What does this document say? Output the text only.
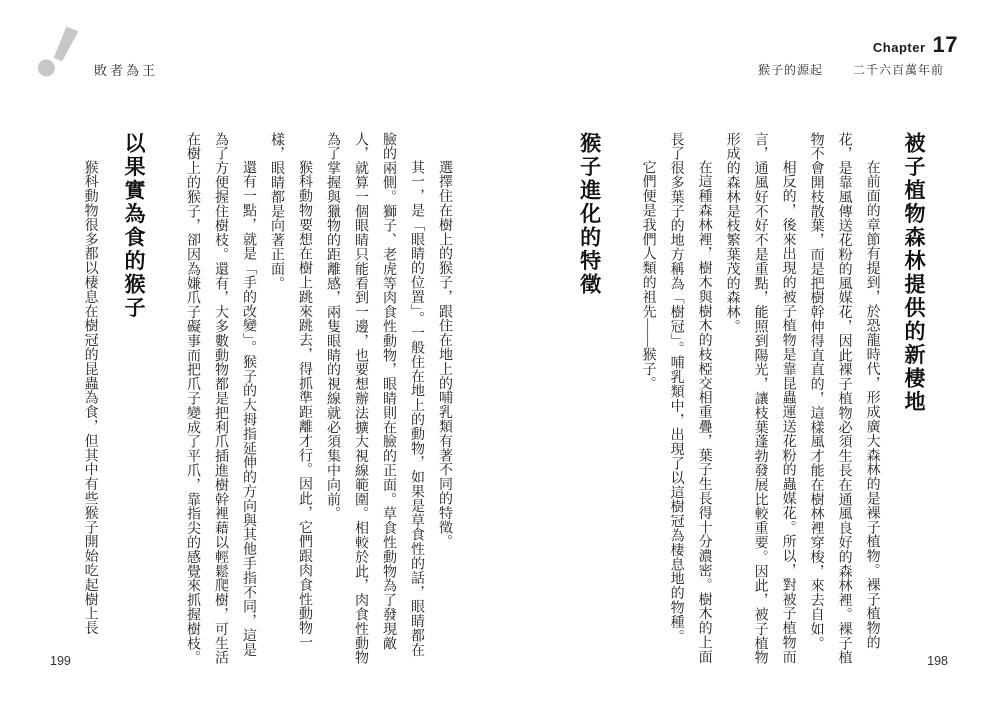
敗者為王
Chapter 17
猴子的源起	二千六百萬年前
被子植物森林提供的新棲地

在前面的章節有提到，於恐龍時代，形成廣大森林的是裸子植物。裸子植物的花，是靠風傳送花粉的風媒花，因此裸子植物必須生長在通風良好的森林裡。裸子植物不會開枝散葉，而是把樹幹伸得直直的，這樣風才能在樹林裡穿梭，來去自如。

相反的，後來出現的被子植物是靠昆蟲運送花粉的蟲媒花。所以，對被子植物而言，通風好不好不是重點，能照到陽光，讓枝葉蓬勃發展比較重要。因此，被子植物形成的森林是枝繁葉茂的森林。

在這種森林裡，樹木與樹木的枝椏交相重疊，葉子生長得十分濃密。樹木的上面長了很多葉子的地方稱為「樹冠」。哺乳類中，出現了以這樹冠為棲息地的物種。

它們便是我們人類的祖先——猴子。

猴子進化的特徵

選擇住在樹上的猴子，跟住在地上的哺乳類有著不同的特徵。

其一，是「眼睛的位置」。一般住在地上的動物，如果是草食性的話，眼睛都在臉的兩側。獅子、老虎等肉食性動物，眼睛則在臉的正面。草食性動物為了發現敵人，就算一個眼睛只能看到一邊，也要想辦法擴大視線範圍。相較於此，肉食性動物為了掌握與獵物的距離感，兩隻眼睛的視線就必須集中向前。

猴科動物要想在樹上跳來跳去，得抓準距離才行。因此，它們跟肉食性動物一樣，眼睛都是向著正面。

還有一點，就是「手的改變」。猴子的大拇指延伸的方向與其他手指不同，這是為了方便握住樹枝。還有，大多數動物都是把利爪插進樹幹裡藉以輕鬆爬樹，可生活在樹上的猴子，卻因為嫌爪子礙事而把爪子變成了平爪，靠指尖的感覺來抓握樹枝。

以果實為食的猴子

猴科動物很多都以棲息在樹冠的昆蟲為食，但其中有些猴子開始吃起樹上長

199	198
